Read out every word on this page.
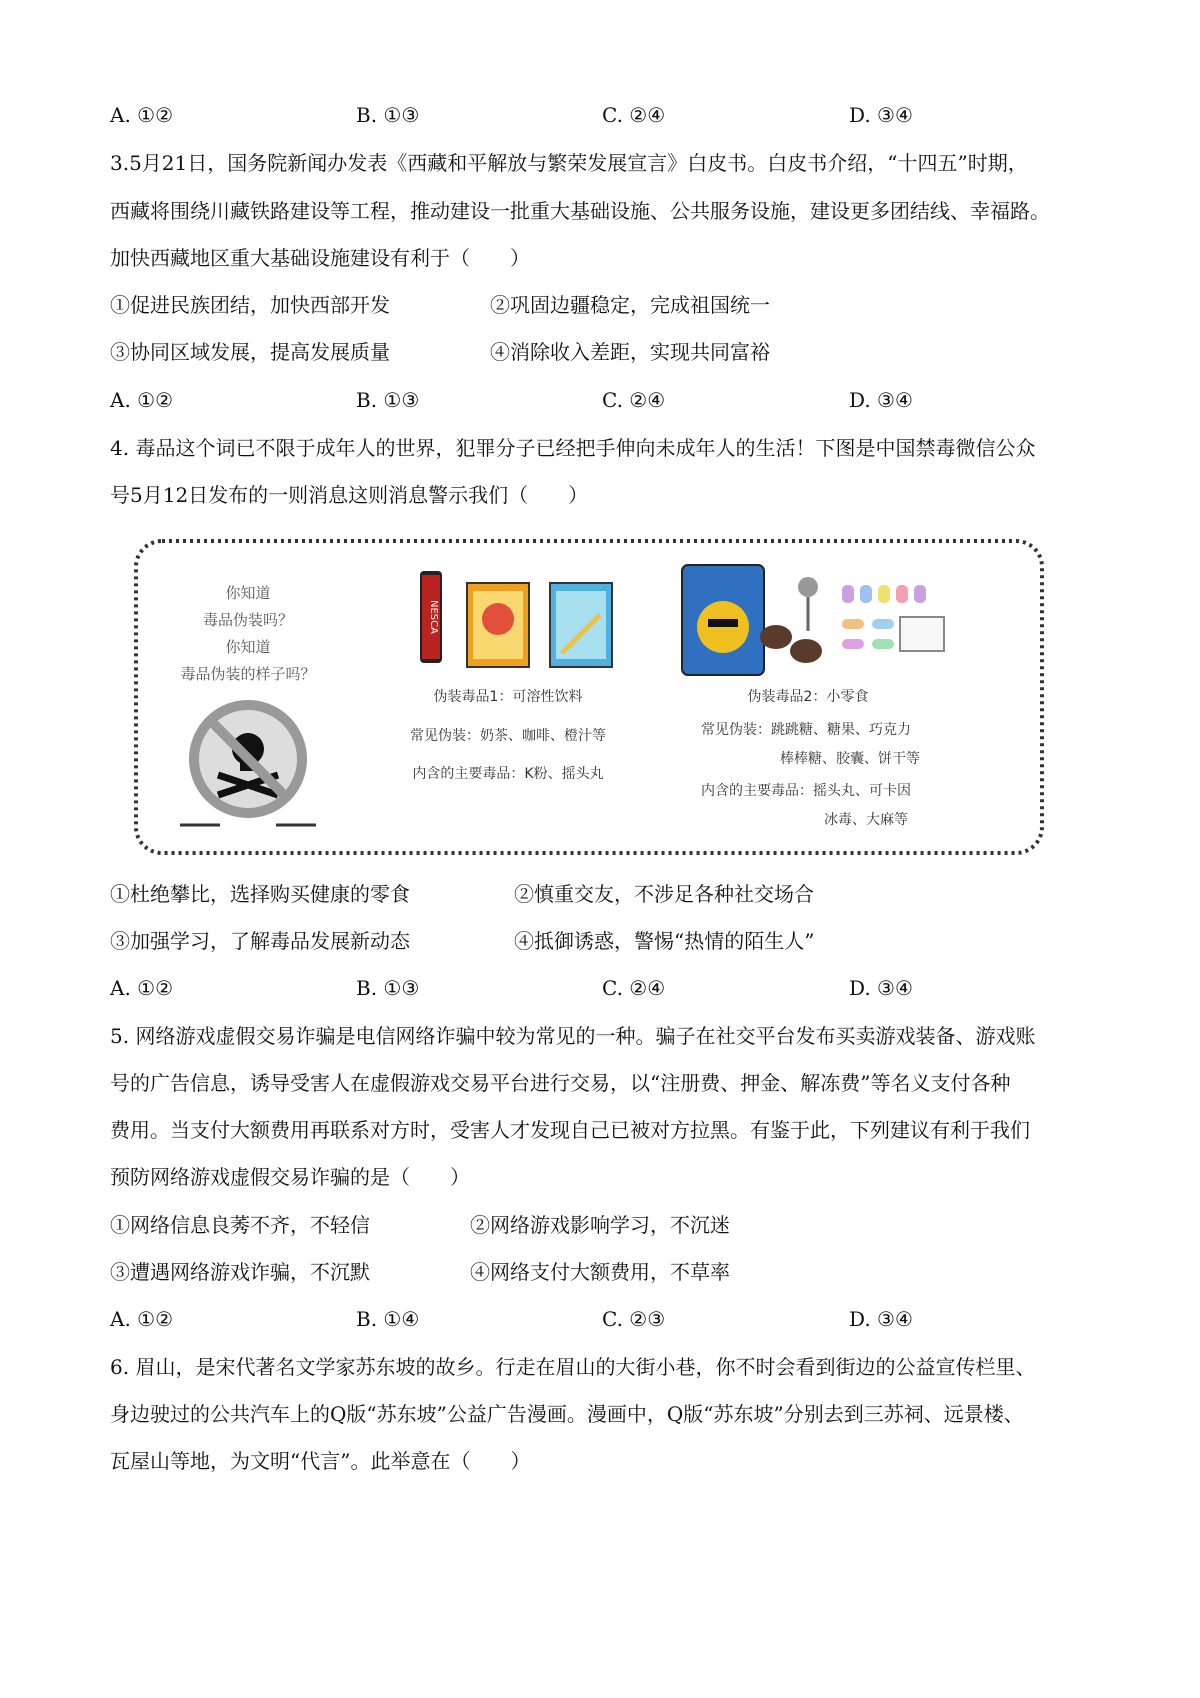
A. ①②	B. ①③	C. ②④	D. ③④
3.5月21日，国务院新闻办发表《西藏和平解放与繁荣发展宣言》白皮书。白皮书介绍，“十四五”时期，
西藏将围绕川藏铁路建设等工程，推动建设一批重大基础设施、公共服务设施，建设更多团结线、幸福路。
加快西藏地区重大基础设施建设有利于（　　）
①促进民族团结，加快西部开发	②巩固边疆稳定，完成祖国统一
③协同区域发展，提高发展质量	④消除收入差距，实现共同富裕
A. ①②	B. ①③	C. ②④	D. ③④
4. 毒品这个词已不限于成年人的世界，犯罪分子已经把手伸向未成年人的生活！下图是中国禁毒微信公众
号5月12日发布的一则消息这则消息警示我们（　　）
你知道
毒品伪装吗？
你知道
毒品伪装的样子吗？
NESCA
伪装毒品1：可溶性饮料
常见伪装：奶茶、咖啡、橙汁等
内含的主要毒品：K粉、摇头丸
伪装毒品2：小零食
常见伪装：跳跳糖、糖果、巧克力
棒棒糖、胶囊、饼干等
内含的主要毒品：摇头丸、可卡因
冰毒、大麻等
①杜绝攀比，选择购买健康的零食	②慎重交友，不涉足各种社交场合
③加强学习，了解毒品发展新动态	④抵御诱惑，警惕“热情的陌生人”
A. ①②	B. ①③	C. ②④	D. ③④
5. 网络游戏虚假交易诈骗是电信网络诈骗中较为常见的一种。骗子在社交平台发布买卖游戏装备、游戏账
号的广告信息，诱导受害人在虚假游戏交易平台进行交易，以“注册费、押金、解冻费”等名义支付各种
费用。当支付大额费用再联系对方时，受害人才发现自己已被对方拉黑。有鉴于此，下列建议有利于我们
预防网络游戏虚假交易诈骗的是（　　）
①网络信息良莠不齐，不轻信	②网络游戏影响学习，不沉迷
③遭遇网络游戏诈骗，不沉默	④网络支付大额费用，不草率
A. ①②	B. ①④	C. ②③	D. ③④
6. 眉山，是宋代著名文学家苏东坡的故乡。行走在眉山的大街小巷，你不时会看到街边的公益宣传栏里、
身边驶过的公共汽车上的Q版“苏东坡”公益广告漫画。漫画中，Q版“苏东坡”分别去到三苏祠、远景楼、
瓦屋山等地，为文明“代言”。此举意在（　　）
